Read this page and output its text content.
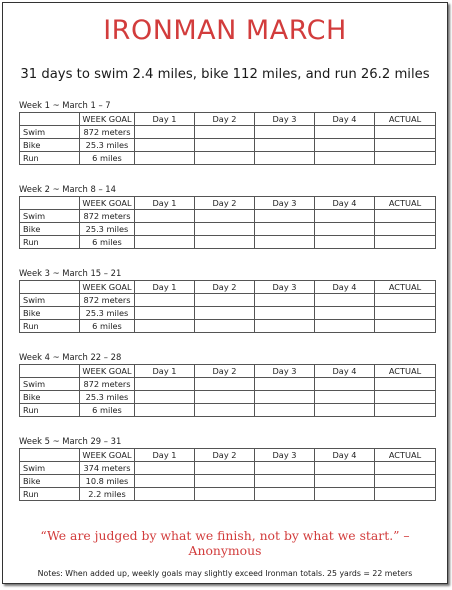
IRONMAN MARCH
31 days to swim 2.4 miles, bike 112 miles, and run 26.2 miles
Week 1 ~ March 1 – 7
	WEEK GOAL	Day 1	Day 2	Day 3	Day 4	ACTUAL
Swim	872 meters					
Bike	25.3 miles					
Run	6 miles					
Week 2 ~ March 8 – 14
	WEEK GOAL	Day 1	Day 2	Day 3	Day 4	ACTUAL
Swim	872 meters					
Bike	25.3 miles					
Run	6 miles					
Week 3 ~ March 15 – 21
	WEEK GOAL	Day 1	Day 2	Day 3	Day 4	ACTUAL
Swim	872 meters					
Bike	25.3 miles					
Run	6 miles					
Week 4 ~ March 22 – 28
	WEEK GOAL	Day 1	Day 2	Day 3	Day 4	ACTUAL
Swim	872 meters					
Bike	25.3 miles					
Run	6 miles					
Week 5 ~ March 29 – 31
	WEEK GOAL	Day 1	Day 2	Day 3	Day 4	ACTUAL
Swim	374 meters					
Bike	10.8 miles					
Run	2.2 miles					
“We are judged by what we finish, not by what we start.” – Anonymous
Notes: When added up, weekly goals may slightly exceed Ironman totals. 25 yards = 22 meters
